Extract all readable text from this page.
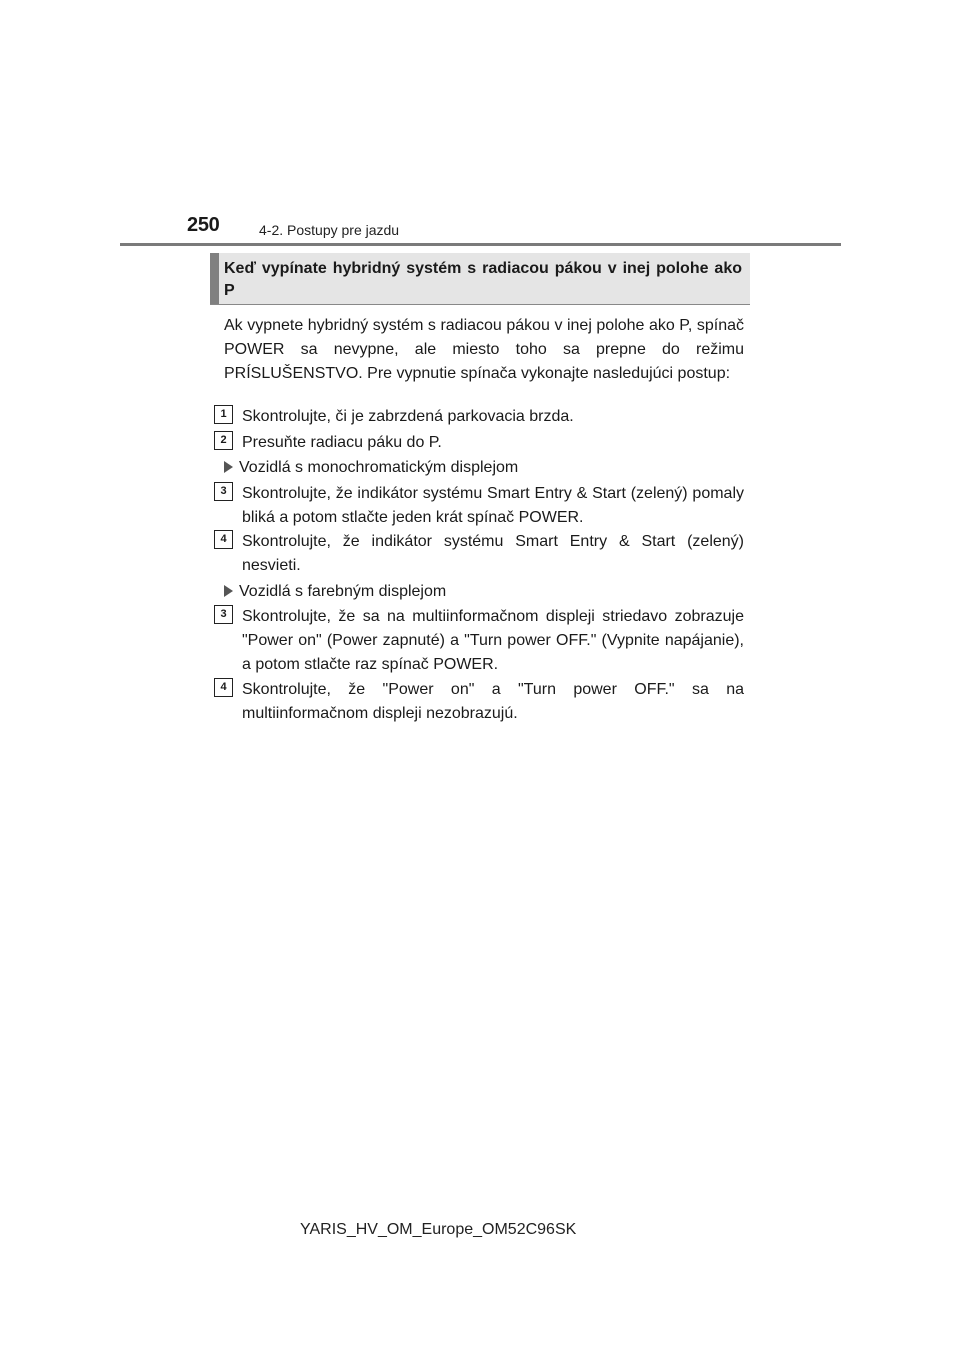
250	4-2. Postupy pre jazdu
Keď vypínate hybridný systém s radiacou pákou v inej polohe ako P

Ak vypnete hybridný systém s radiacou pákou v inej polohe ako P, spínač POWER sa nevypne, ale miesto toho sa prepne do režimu PRÍSLUŠENSTVO. Pre vypnutie spínača vykonajte nasledujúci postup:

1 Skontrolujte, či je zabrzdená parkovacia brzda.
2 Presuňte radiacu páku do P.
Vozidlá s monochromatickým displejom
3 Skontrolujte, že indikátor systému Smart Entry & Start (zelený) pomaly bliká a potom stlačte jeden krát spínač POWER.
4 Skontrolujte, že indikátor systému Smart Entry & Start (zelený) nesvieti.
Vozidlá s farebným displejom
3 Skontrolujte, že sa na multiinformačnom displeji striedavo zobrazuje "Power on" (Power zapnuté) a "Turn power OFF." (Vypnite napájanie), a potom stlačte raz spínač POWER.
4 Skontrolujte, že "Power on" a "Turn power OFF." sa na multiinformačnom displeji nezobrazujú.
YARIS_HV_OM_Europe_OM52C96SK
